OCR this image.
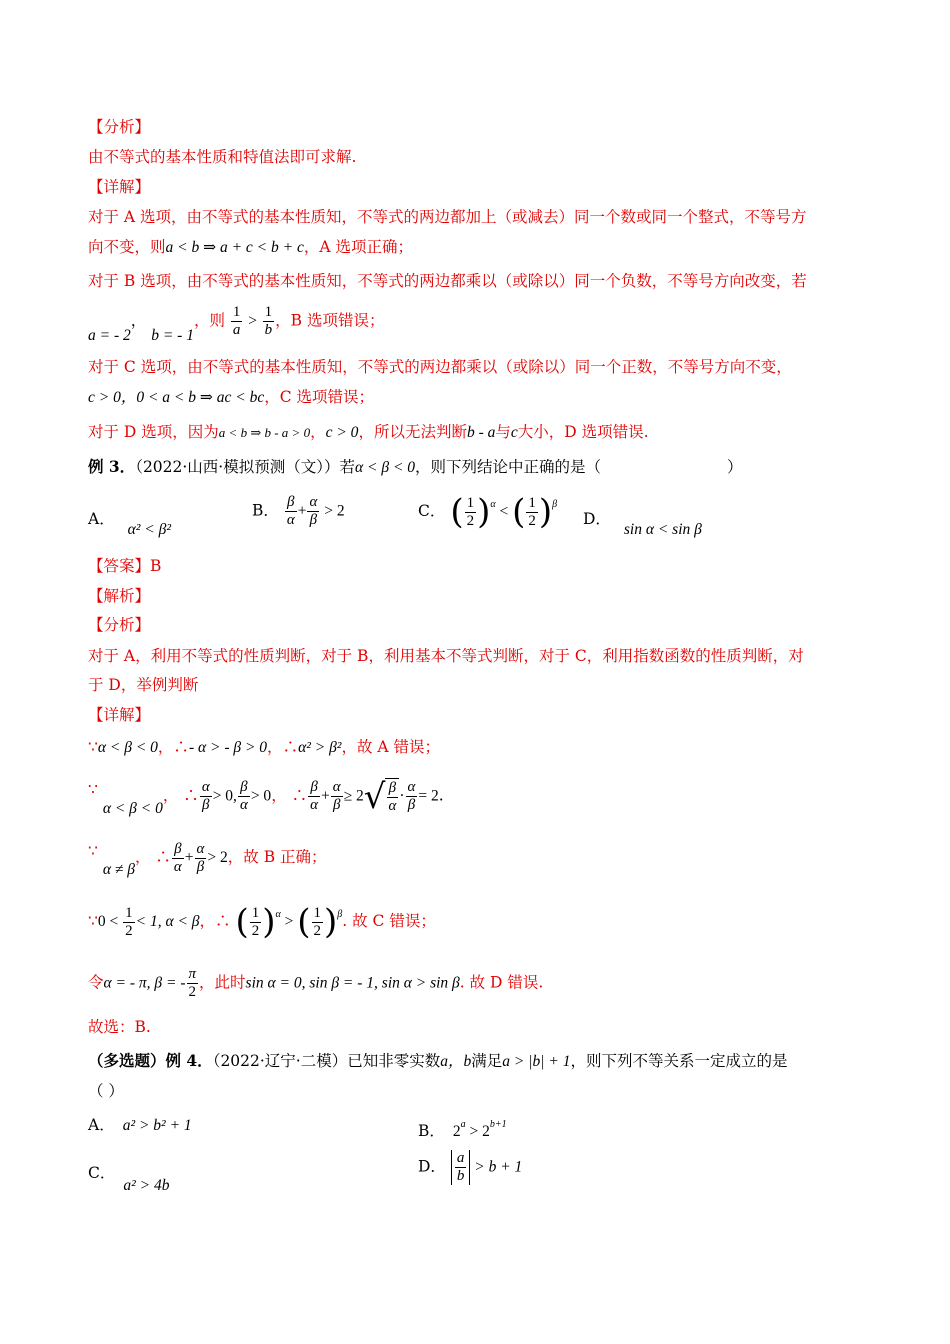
【分析】
由不等式的基本性质和特值法即可求解.
【详解】
对于 A 选项，由不等式的基本性质知，不等式的两边都加上（或减去）同一个数或同一个整式，不等号方
向不变，则a < b ⇒ a + c < b + c，A 选项正确；
对于 B 选项，由不等式的基本性质知，不等式的两边都乘以（或除以）同一个负数，不等号方向改变，若
a = - 2， b = - 1，则 $\frac{1}{a} > \frac{1}{b}$ ，B 选项错误；
对于 C 选项，由不等式的基本性质知，不等式的两边都乘以（或除以）同一个正数，不等号方向不变，
c > 0，0 < a < b ⇒ ac < bc，C 选项错误；
对于 D 选项，因为a < b ⇒ b - a > 0，c > 0，所以无法判断b - a与c大小，D 选项错误.
例 3．（2022·山西·模拟预测（文））若α < β < 0，则下列结论中正确的是（	）
A． α² < β²
B． $\frac{\beta}{\alpha} + \frac{\alpha}{\beta} > 2$	C． ( $\frac{1}{2}$ ) $^\alpha$ < ( $\frac{1}{2}$ ) $^\beta$
D． sin α < sin β
【答案】B
【解析】
【分析】
对于 A，利用不等式的性质判断，对于 B，利用基本不等式判断，对于 C，利用指数函数的性质判断，对
于 D，举例判断
【详解】
∵α < β < 0，∴- α > - β > 0，∴α² > β²，故 A 错误；
∵ α < β < 0， ∴ $\frac{\alpha}{\beta} > 0$, $\frac{\beta}{\alpha} > 0$， ∴ $\frac{\beta}{\alpha} + \frac{\alpha}{\beta} \ge 2$ √ $\frac{\beta}{\alpha} \cdot \frac{\alpha}{\beta} = 2$.
∵ α ≠ β， ∴ $\frac{\beta}{\alpha} + \frac{\alpha}{\beta} > 2$，故 B 正确；
∵0 < $\frac{1}{2} < 1$, α < β，∴ ( $\frac{1}{2}$ ) $^\alpha$ > ( $\frac{1}{2}$ ) $^\beta$. 故 C 错误；
令α = - π, β = - $\frac{\pi}{2}$ ，此时sin α = 0, sin β = - 1, sin α > sin β. 故 D 错误.
故选：B.
（多选题）例 4．（2022·辽宁·二模）已知非零实数a，b满足a > |b| + 1，则下列不等关系一定成立的是
（ ）
A． a² > b² + 1	B． $2^a > 2^{b+1}$
C．a² > 4b
D． $\frac{a}{b} > b + 1$
